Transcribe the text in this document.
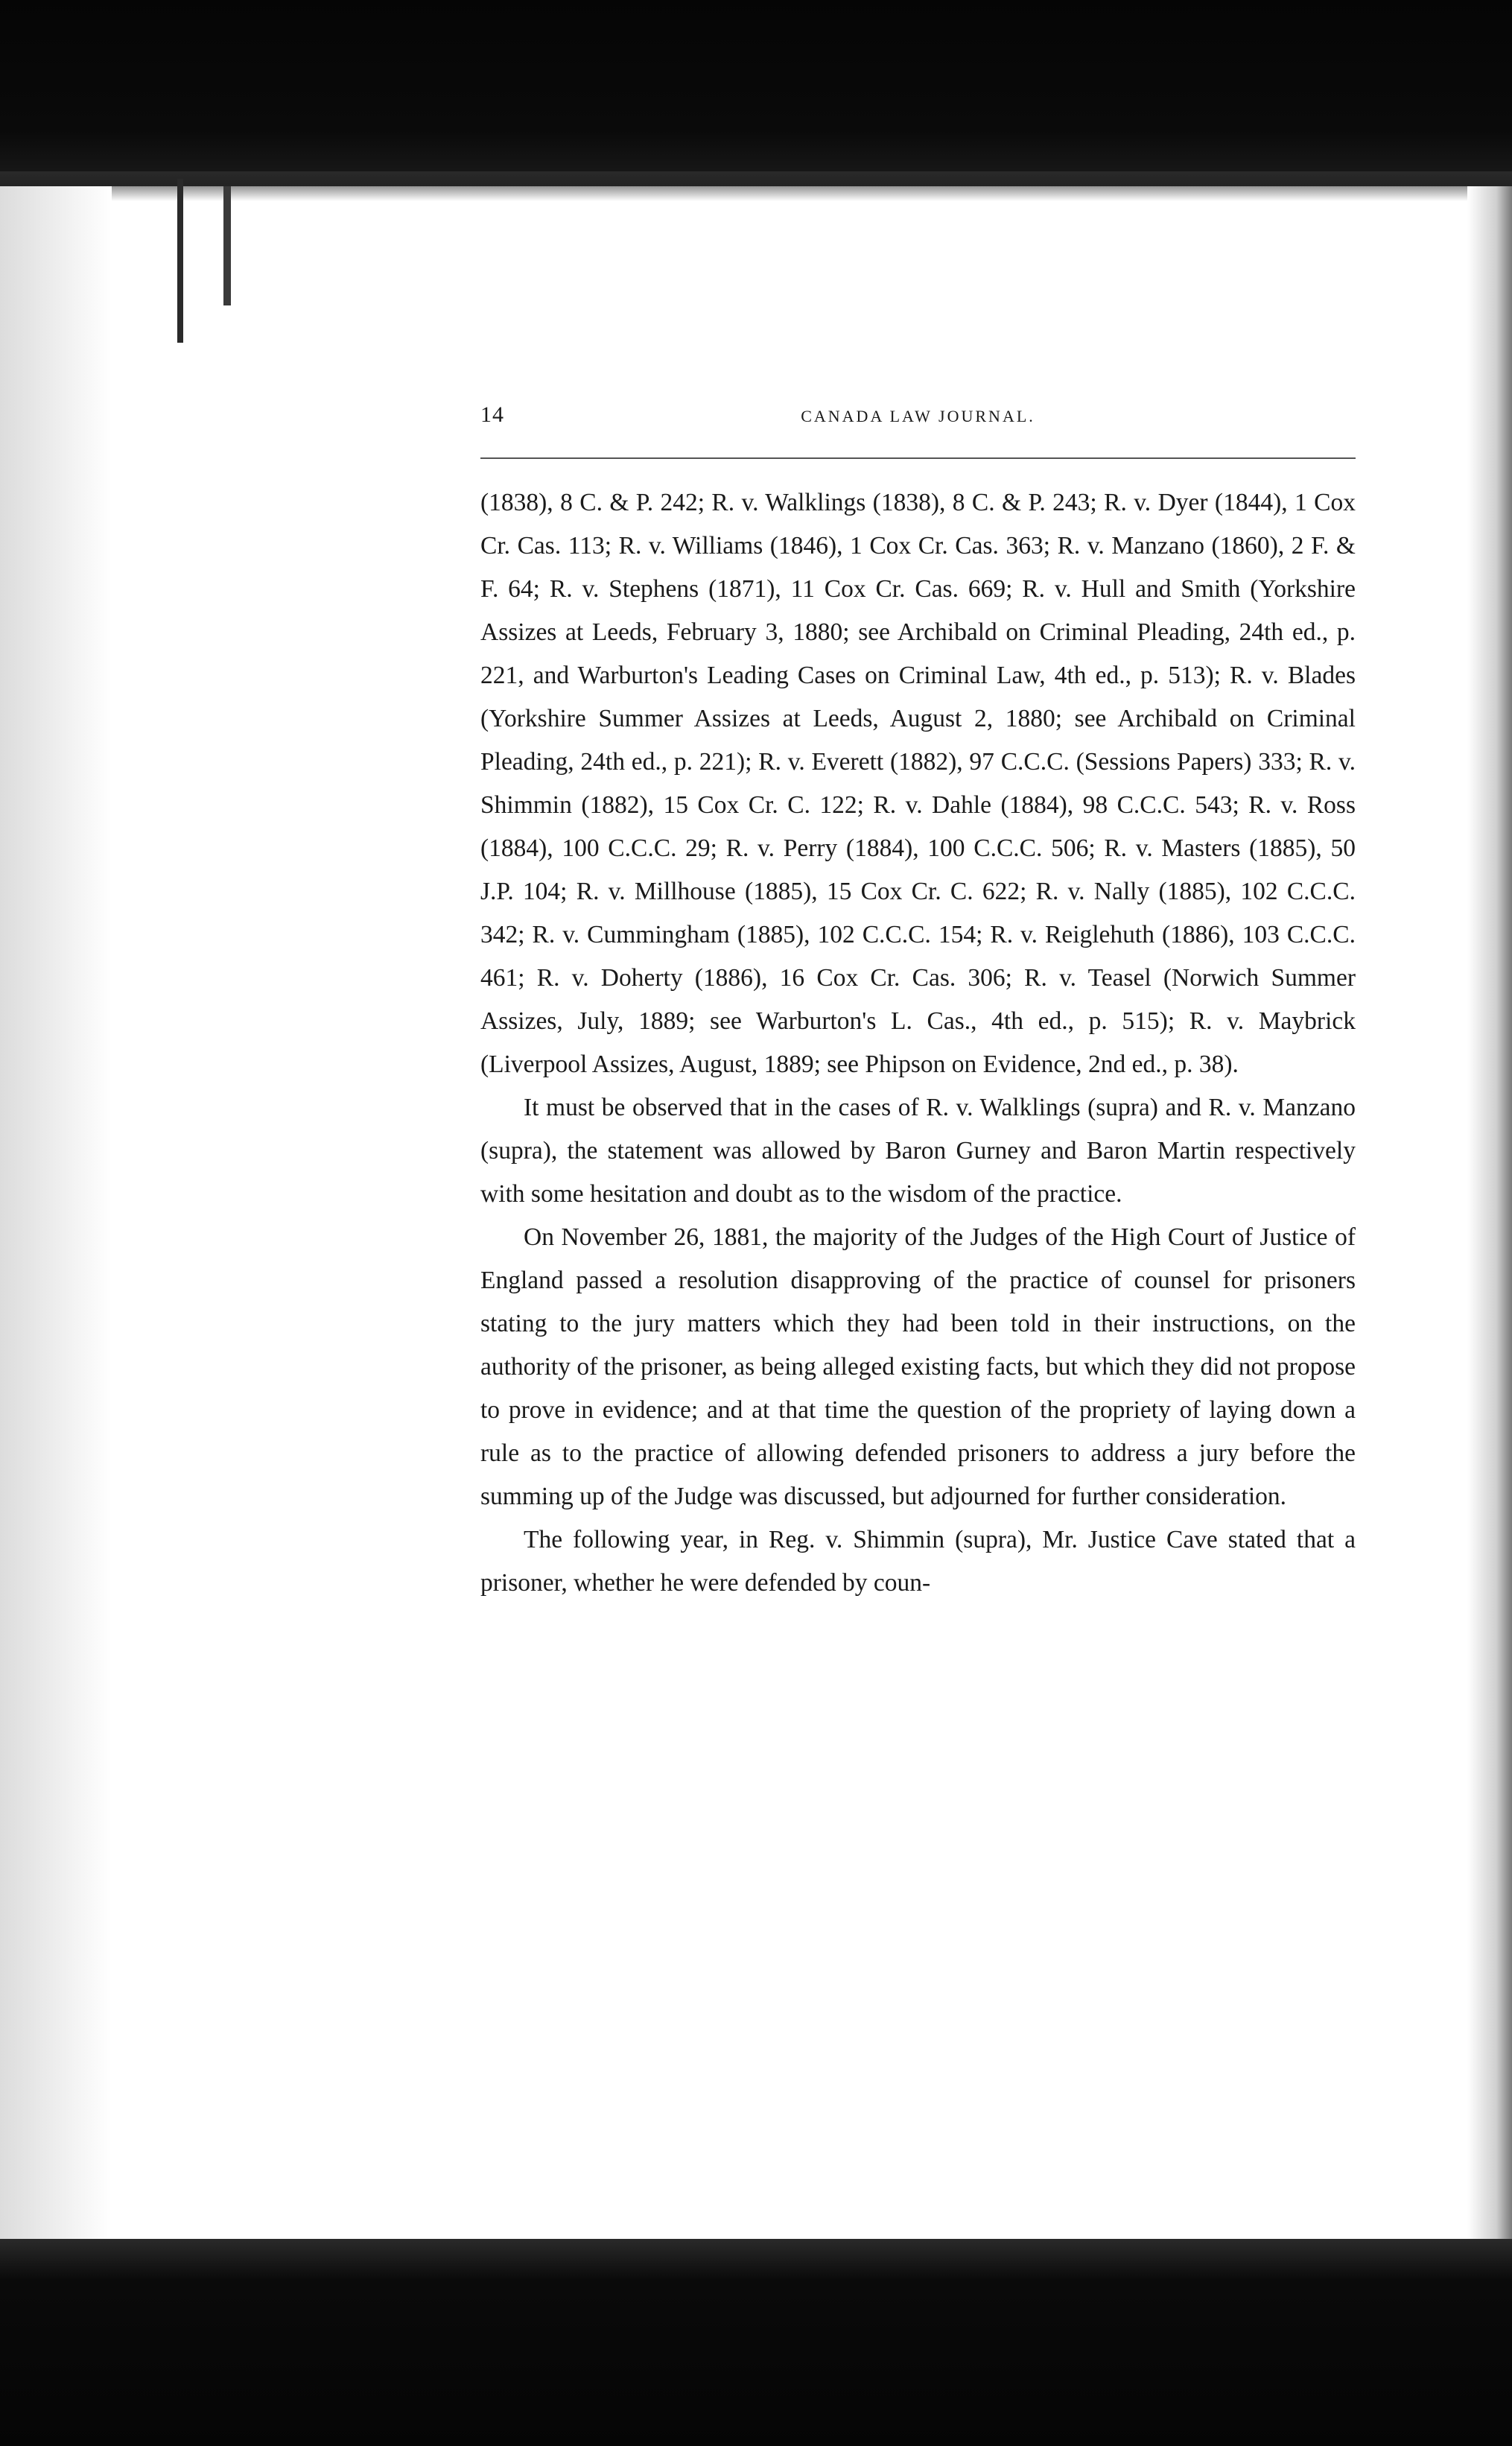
14	CANADA LAW JOURNAL.

(1838), 8 C. & P. 242; R. v. Walklings (1838), 8 C. & P. 243; R. v. Dyer (1844), 1 Cox Cr. Cas. 113; R. v. Williams (1846), 1 Cox Cr. Cas. 363; R. v. Manzano (1860), 2 F. & F. 64; R. v. Stephens (1871), 11 Cox Cr. Cas. 669; R. v. Hull and Smith (Yorkshire Assizes at Leeds, February 3, 1880; see Archibald on Criminal Pleading, 24th ed., p. 221, and Warburton's Leading Cases on Criminal Law, 4th ed., p. 513); R. v. Blades (Yorkshire Summer Assizes at Leeds, August 2, 1880; see Archibald on Criminal Pleading, 24th ed., p. 221); R. v. Everett (1882), 97 C.C.C. (Sessions Papers) 333; R. v. Shimmin (1882), 15 Cox Cr. C. 122; R. v. Dahle (1884), 98 C.C.C. 543; R. v. Ross (1884), 100 C.C.C. 29; R. v. Perry (1884), 100 C.C.C. 506; R. v. Masters (1885), 50 J.P. 104; R. v. Millhouse (1885), 15 Cox Cr. C. 622; R. v. Nally (1885), 102 C.C.C. 342; R. v. Cummingham (1885), 102 C.C.C. 154; R. v. Reiglehuth (1886), 103 C.C.C. 461; R. v. Doherty (1886), 16 Cox Cr. Cas. 306; R. v. Teasel (Norwich Summer Assizes, July, 1889; see Warburton's L. Cas., 4th ed., p. 515); R. v. Maybrick (Liverpool Assizes, August, 1889; see Phipson on Evidence, 2nd ed., p. 38).

It must be observed that in the cases of R. v. Walklings (supra) and R. v. Manzano (supra), the statement was allowed by Baron Gurney and Baron Martin respectively with some hesitation and doubt as to the wisdom of the practice.

On November 26, 1881, the majority of the Judges of the High Court of Justice of England passed a resolution disapproving of the practice of counsel for prisoners stating to the jury matters which they had been told in their instructions, on the authority of the prisoner, as being alleged existing facts, but which they did not propose to prove in evidence; and at that time the question of the propriety of laying down a rule as to the practice of allowing defended prisoners to address a jury before the summing up of the Judge was discussed, but adjourned for further consideration.

The following year, in Reg. v. Shimmin (supra), Mr. Justice Cave stated that a prisoner, whether he were defended by coun-
